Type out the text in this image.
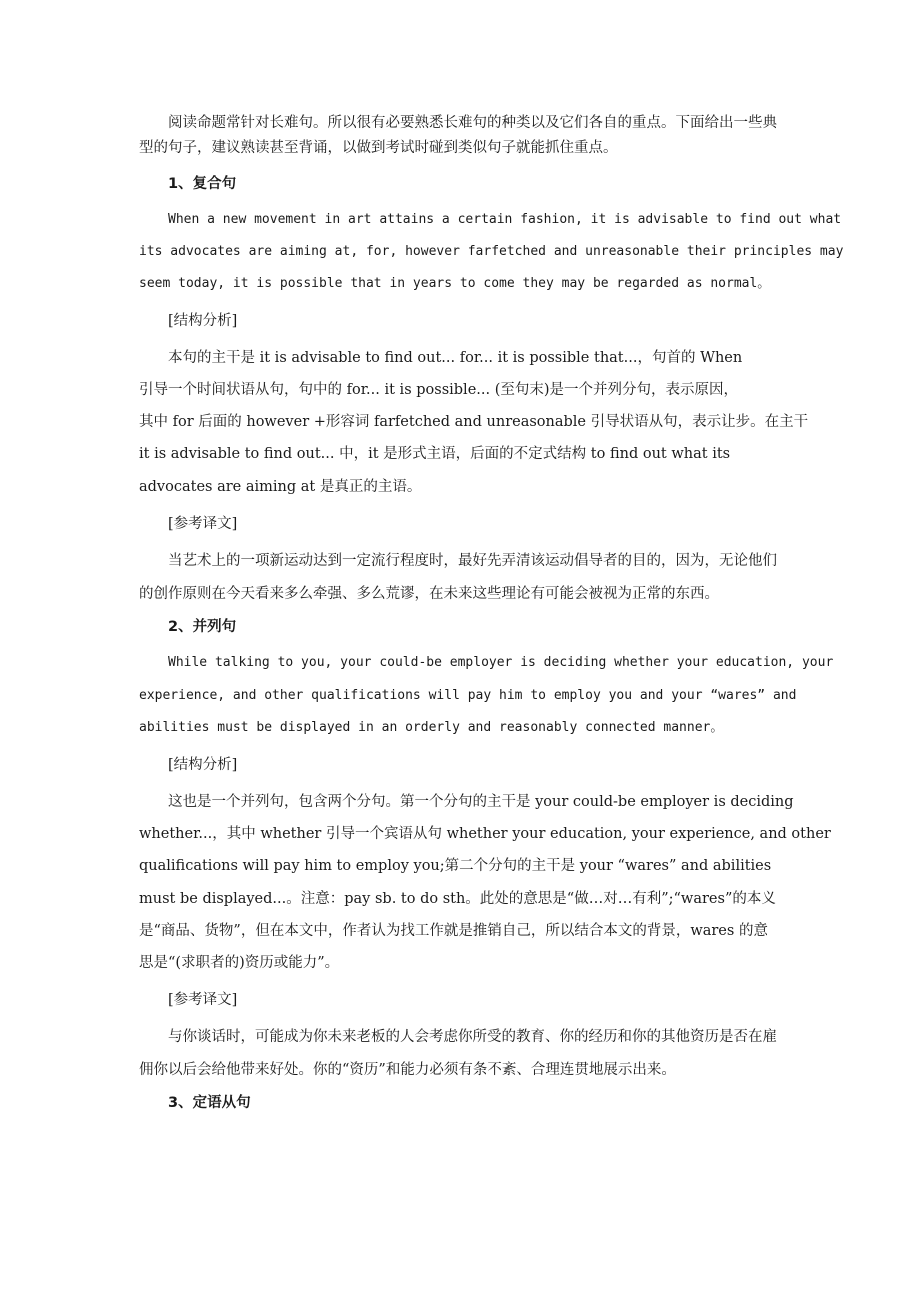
阅读命题常针对长难句。所以很有必要熟悉长难句的种类以及它们各自的重点。下面给出一些典
型的句子，建议熟读甚至背诵，以做到考试时碰到类似句子就能抓住重点。
1、复合句
When a new movement in art attains a certain fashion, it is advisable to find out what
its advocates are aiming at, for, however farfetched and unreasonable their principles may
seem today, it is possible that in years to come they may be regarded as normal。
[结构分析]
本句的主干是 it is advisable to find out... for... it is possible that...，句首的 When
引导一个时间状语从句，句中的 for... it is possible... (至句末)是一个并列分句，表示原因，
其中 for 后面的 however +形容词 farfetched and unreasonable 引导状语从句，表示让步。在主干
it is advisable to find out... 中，it 是形式主语，后面的不定式结构 to find out what its
advocates are aiming at 是真正的主语。
[参考译文]
当艺术上的一项新运动达到一定流行程度时，最好先弄清该运动倡导者的目的，因为，无论他们
的创作原则在今天看来多么牵强、多么荒谬，在未来这些理论有可能会被视为正常的东西。
2、并列句
While talking to you, your could-be employer is deciding whether your education, your
experience, and other qualifications will pay him to employ you and your “wares” and
abilities must be displayed in an orderly and reasonably connected manner。
[结构分析]
这也是一个并列句，包含两个分句。第一个分句的主干是 your could-be employer is deciding
whether...，其中 whether 引导一个宾语从句 whether your education, your experience, and other
qualifications will pay him to employ you;第二个分句的主干是 your “wares” and abilities
must be displayed...。注意：pay sb. to do sth。此处的意思是“做…对…有利”;“wares”的本义
是“商品、货物”，但在本文中，作者认为找工作就是推销自己，所以结合本文的背景，wares 的意
思是“(求职者的)资历或能力”。
[参考译文]
与你谈话时，可能成为你未来老板的人会考虑你所受的教育、你的经历和你的其他资历是否在雇
佣你以后会给他带来好处。你的“资历”和能力必须有条不紊、合理连贯地展示出来。
3、定语从句
